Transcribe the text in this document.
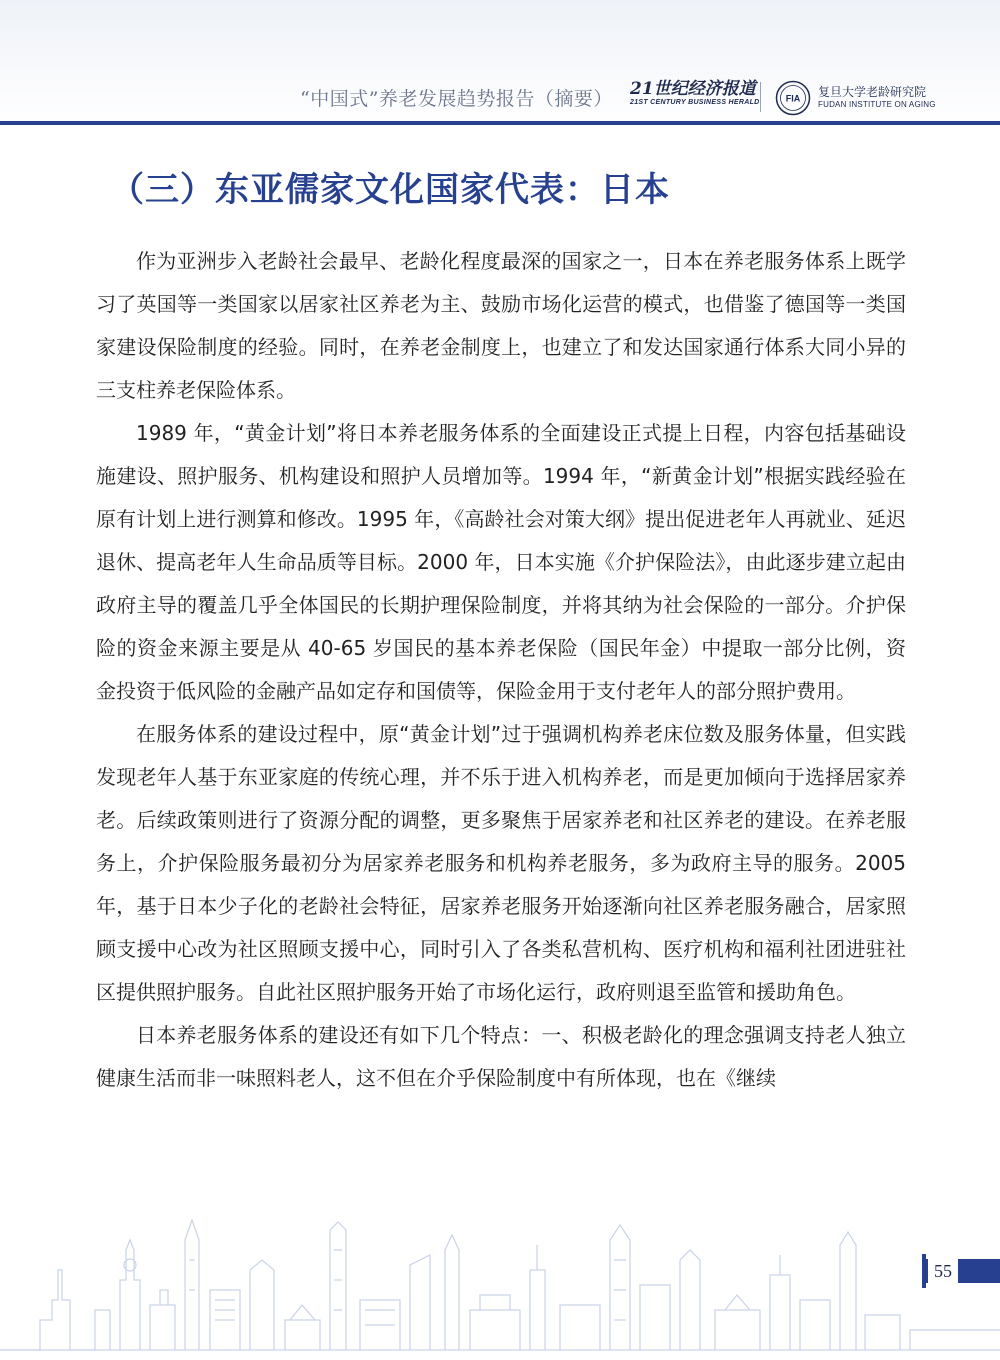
“中国式”养老发展趋势报告（摘要） 21世纪经济报道
21ST CENTURY BUSINESS HERALD	FIA 复旦大学老龄研究院
FUDAN INSTITUTE ON AGING
（三）东亚儒家文化国家代表：日本

作为亚洲步入老龄社会最早、老龄化程度最深的国家之一，日本在养老服务体系上既学习了英国等一类国家以居家社区养老为主、鼓励市场化运营的模式，也借鉴了德国等一类国家建设保险制度的经验。同时，在养老金制度上，也建立了和发达国家通行体系大同小异的三支柱养老保险体系。

1989 年，“黄金计划”将日本养老服务体系的全面建设正式提上日程，内容包括基础设施建设、照护服务、机构建设和照护人员增加等。1994 年，“新黄金计划”根据实践经验在原有计划上进行测算和修改。1995 年，《高龄社会对策大纲》提出促进老年人再就业、延迟退休、提高老年人生命品质等目标。2000 年，日本实施《介护保险法》，由此逐步建立起由政府主导的覆盖几乎全体国民的长期护理保险制度，并将其纳为社会保险的一部分。介护保险的资金来源主要是从 40-65 岁国民的基本养老保险（国民年金）中提取一部分比例，资金投资于低风险的金融产品如定存和国债等，保险金用于支付老年人的部分照护费用。

在服务体系的建设过程中，原“黄金计划”过于强调机构养老床位数及服务体量，但实践发现老年人基于东亚家庭的传统心理，并不乐于进入机构养老，而是更加倾向于选择居家养老。后续政策则进行了资源分配的调整，更多聚焦于居家养老和社区养老的建设。在养老服务上，介护保险服务最初分为居家养老服务和机构养老服务，多为政府主导的服务。2005 年，基于日本少子化的老龄社会特征，居家养老服务开始逐渐向社区养老服务融合，居家照顾支援中心改为社区照顾支援中心，同时引入了各类私营机构、医疗机构和福利社团进驻社区提供照护服务。自此社区照护服务开始了市场化运行，政府则退至监管和援助角色。

日本养老服务体系的建设还有如下几个特点：一、积极老龄化的理念强调支持老人独立健康生活而非一味照料老人，这不但在介乎保险制度中有所体现，也在《继续

55
